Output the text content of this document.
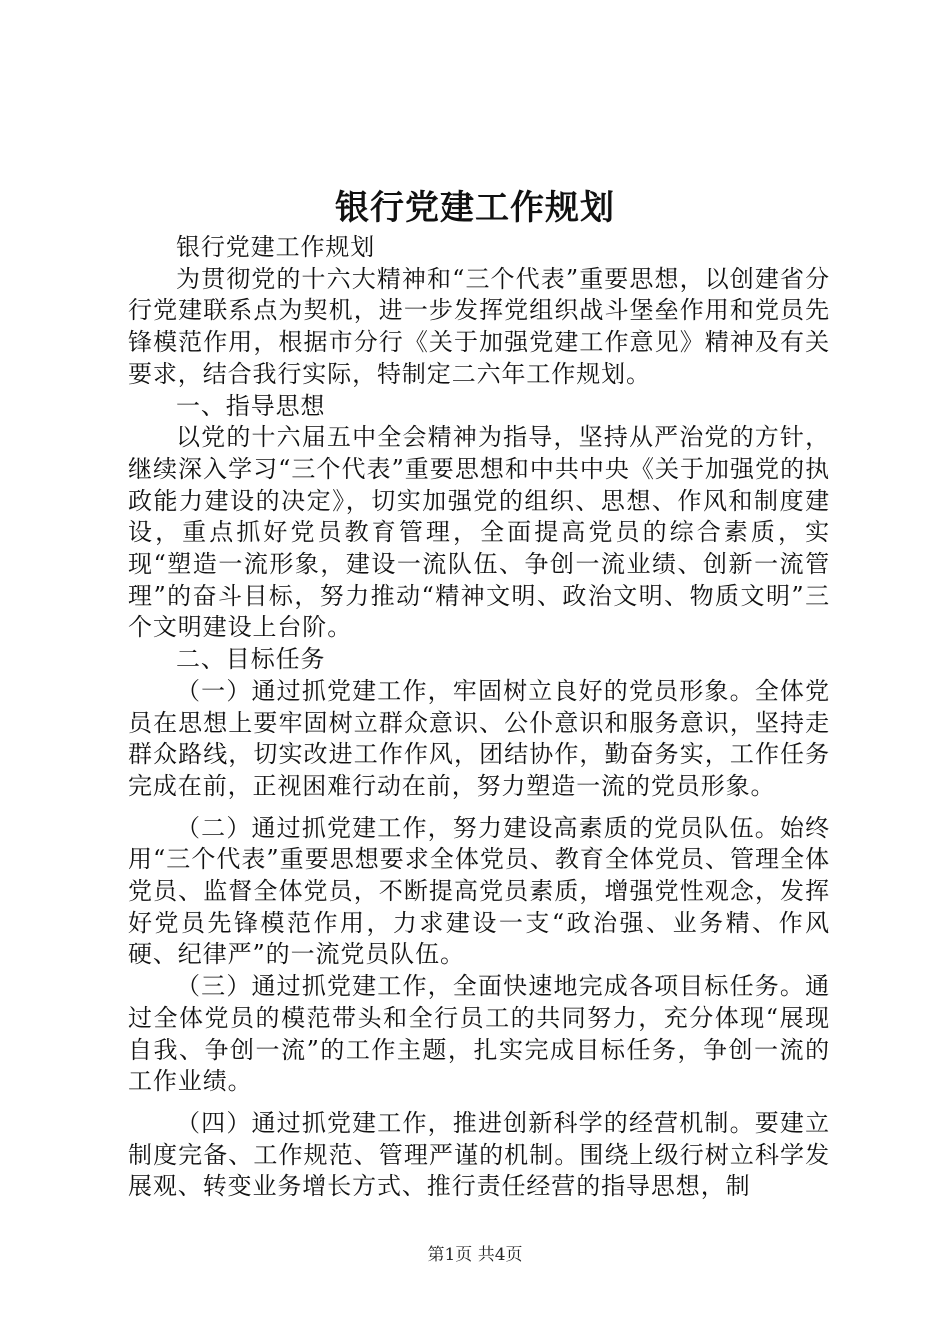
银行党建工作规划

银行党建工作规划

为贯彻党的十六大精神和“三个代表”重要思想，以创建省分行党建联系点为契机，进一步发挥党组织战斗堡垒作用和党员先锋模范作用，根据市分行《关于加强党建工作意见》精神及有关要求，结合我行实际，特制定二六年工作规划。

一、指导思想

以党的十六届五中全会精神为指导，坚持从严治党的方针，继续深入学习“三个代表”重要思想和中共中央《关于加强党的执政能力建设的决定》，切实加强党的组织、思想、作风和制度建设，重点抓好党员教育管理，全面提高党员的综合素质，实现“塑造一流形象，建设一流队伍、争创一流业绩、创新一流管理”的奋斗目标，努力推动“精神文明、政治文明、物质文明”三个文明建设上台阶。

二、目标任务

（一）通过抓党建工作，牢固树立良好的党员形象。全体党员在思想上要牢固树立群众意识、公仆意识和服务意识，坚持走群众路线，切实改进工作作风，团结协作，勤奋务实，工作任务完成在前，正视困难行动在前，努力塑造一流的党员形象。

（二）通过抓党建工作，努力建设高素质的党员队伍。始终用“三个代表”重要思想要求全体党员、教育全体党员、管理全体党员、监督全体党员，不断提高党员素质，增强党性观念，发挥好党员先锋模范作用，力求建设一支“政治强、业务精、作风硬、纪律严”的一流党员队伍。

（三）通过抓党建工作，全面快速地完成各项目标任务。通过全体党员的模范带头和全行员工的共同努力，充分体现“展现自我、争创一流”的工作主题，扎实完成目标任务，争创一流的工作业绩。

（四）通过抓党建工作，推进创新科学的经营机制。要建立制度完备、工作规范、管理严谨的机制。围绕上级行树立科学发展观、转变业务增长方式、推行责任经营的指导思想，制

第1页 共4页
